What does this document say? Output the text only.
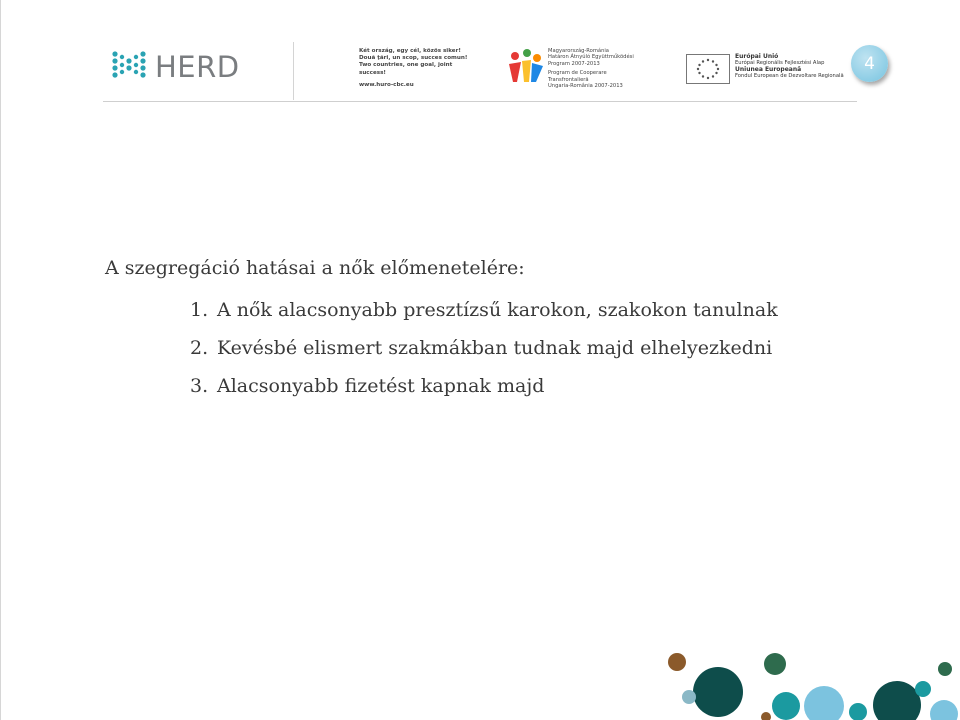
HERD	Két ország, egy cél, közös siker!
Două ţări, un scop, succes comun!
Two countries, one goal, joint success!
www.huro-cbc.eu
Magyarország-Románia
Határon Átnyúló Együttműködési
Program 2007-2013
Program de Cooperare
Transfrontalieră
Ungaria-România 2007-2013
Európai Unió
Európai Regionális Fejlesztési Alap
Uniunea Europeană
Fondul European de Dezvoltare Regională
4
A szegregáció hatásai a nők előmenetelére:
1. A nők alacsonyabb presztízsű karokon, szakokon tanulnak
2. Kevésbé elismert szakmákban tudnak majd elhelyezkedni
3. Alacsonyabb fizetést kapnak majd
